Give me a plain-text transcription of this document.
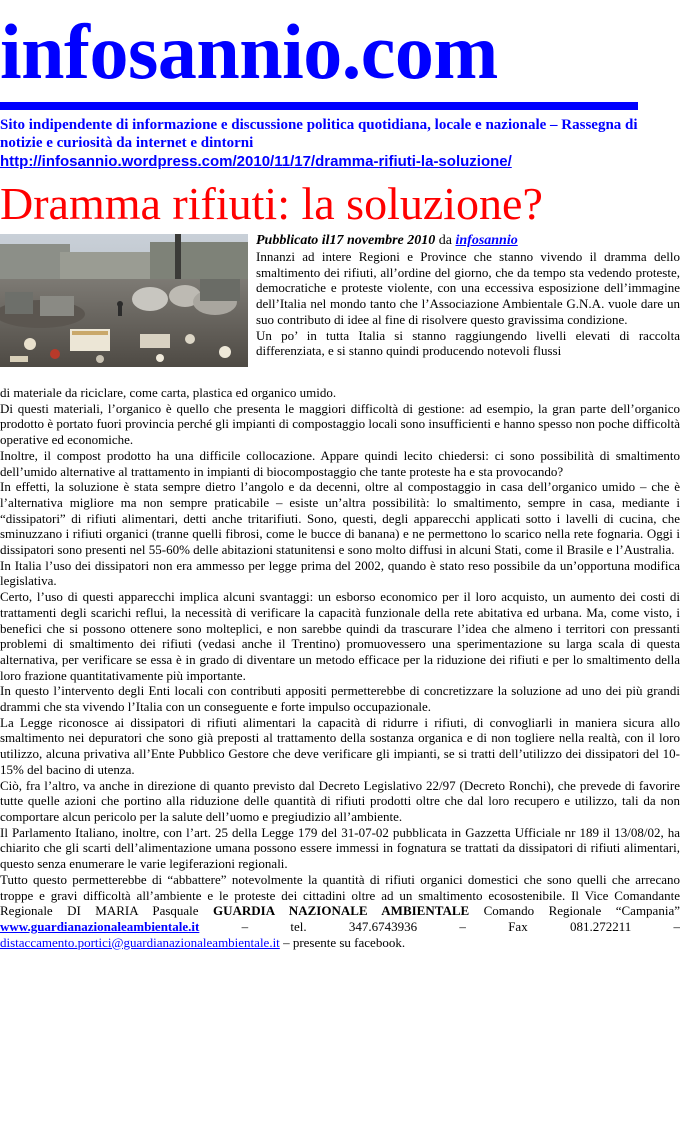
infosannio.com
Sito indipendente di informazione e discussione politica quotidiana, locale e nazionale – Rassegna di notizie e curiosità da internet e dintorni
http://infosannio.wordpress.com/2010/11/17/dramma-rifiuti-la-soluzione/
Dramma rifiuti: la soluzione?
Pubblicato il17 novembre 2010 da infosannio

Innanzi ad intere Regioni e Province che stanno vivendo il dramma dello smaltimento dei rifiuti, all’ordine del giorno, che da tempo sta vedendo proteste, democratiche e proteste violente, con una eccessiva esposizione dell’immagine dell’Italia nel mondo tanto che l’Associazione Ambientale G.N.A. vuole dare un suo contributo di idee al fine di risolvere questo gravissima condizione.

Un po’ in tutta Italia si stanno raggiungendo livelli elevati di raccolta differenziata, e si stanno quindi producendo notevoli flussi

di materiale da riciclare, come carta, plastica ed organico umido.

Di questi materiali, l’organico è quello che presenta le maggiori difficoltà di gestione: ad esempio, la gran parte dell’organico prodotto è portato fuori provincia perché gli impianti di compostaggio locali sono insufficienti e hanno spesso non poche difficoltà operative ed economiche.

Inoltre, il compost prodotto ha una difficile collocazione. Appare quindi lecito chiedersi: ci sono possibilità di smaltimento dell’umido alternative al trattamento in impianti di biocompostaggio che tante proteste ha e sta provocando?

In effetti, la soluzione è stata sempre dietro l’angolo e da decenni, oltre al compostaggio in casa dell’organico umido – che è l’alternativa migliore ma non sempre praticabile – esiste un’altra possibilità: lo smaltimento, sempre in casa, mediante i “dissipatori” di rifiuti alimentari, detti anche tritarifiuti. Sono, questi, degli apparecchi applicati sotto i lavelli di cucina, che sminuzzano i rifiuti organici (tranne quelli fibrosi, come le bucce di banana) e ne permettono lo scarico nella rete fognaria. Oggi i dissipatori sono presenti nel 55-60% delle abitazioni statunitensi e sono molto diffusi in alcuni Stati, come il Brasile e l’Australia.

In Italia l’uso dei dissipatori non era ammesso per legge prima del 2002, quando è stato reso possibile da un’opportuna modifica legislativa.

Certo, l’uso di questi apparecchi implica alcuni svantaggi: un esborso economico per il loro acquisto, un aumento dei costi di trattamenti degli scarichi reflui, la necessità di verificare la capacità funzionale della rete abitativa ed urbana. Ma, come visto, i benefici che si possono ottenere sono molteplici, e non sarebbe quindi da trascurare l’idea che almeno i territori con pressanti problemi di smaltimento dei rifiuti (vedasi anche il Trentino) promuovessero una sperimentazione su larga scala di questa alternativa, per verificare se essa è in grado di diventare un metodo efficace per la riduzione dei rifiuti e per lo smaltimento della loro frazione quantitativamente più importante.

In questo l’intervento degli Enti locali con contributi appositi permetterebbe di concretizzare la soluzione ad uno dei più grandi drammi che sta vivendo l’Italia con un conseguente e forte impulso occupazionale.

La Legge riconosce ai dissipatori di rifiuti alimentari la capacità di ridurre i rifiuti, di convogliarli in maniera sicura allo smaltimento nei depuratori che sono già preposti al trattamento della sostanza organica e di non togliere nella realtà, con il loro utilizzo, alcuna privativa all’Ente Pubblico Gestore che deve verificare gli impianti, se si tratti dell’utilizzo dei dissipatori del 10-15% del bacino di utenza.

Ciò, fra l’altro, va anche in direzione di quanto previsto dal Decreto Legislativo 22/97 (Decreto Ronchi), che prevede di favorire tutte quelle azioni che portino alla riduzione delle quantità di rifiuti prodotti oltre che dal loro recupero e utilizzo, tali da non comportare alcun pericolo per la salute dell’uomo e pregiudizio all’ambiente.

Il Parlamento Italiano, inoltre, con l’art. 25 della Legge 179 del 31-07-02 pubblicata in Gazzetta Ufficiale nr 189 il 13/08/02, ha chiarito che gli scarti dell’alimentazione umana possono essere immessi in fognatura se trattati da dissipatori di rifiuti alimentari, questo senza enumerare le varie legiferazioni regionali.

Tutto questo permetterebbe di “abbattere” notevolmente la quantità di rifiuti organici domestici che sono quelli che arrecano troppe e gravi difficoltà all’ambiente e le proteste dei cittadini oltre ad un smaltimento ecosostenibile. Il Vice Comandante Regionale DI MARIA Pasquale GUARDIA NAZIONALE AMBIENTALE Comando Regionale “Campania” www.guardianazionaleambientale.it	– tel. 347.6743936 – Fax 081.272211 – distaccamento.portici@guardianazionaleambientale.it – presente su facebook.
